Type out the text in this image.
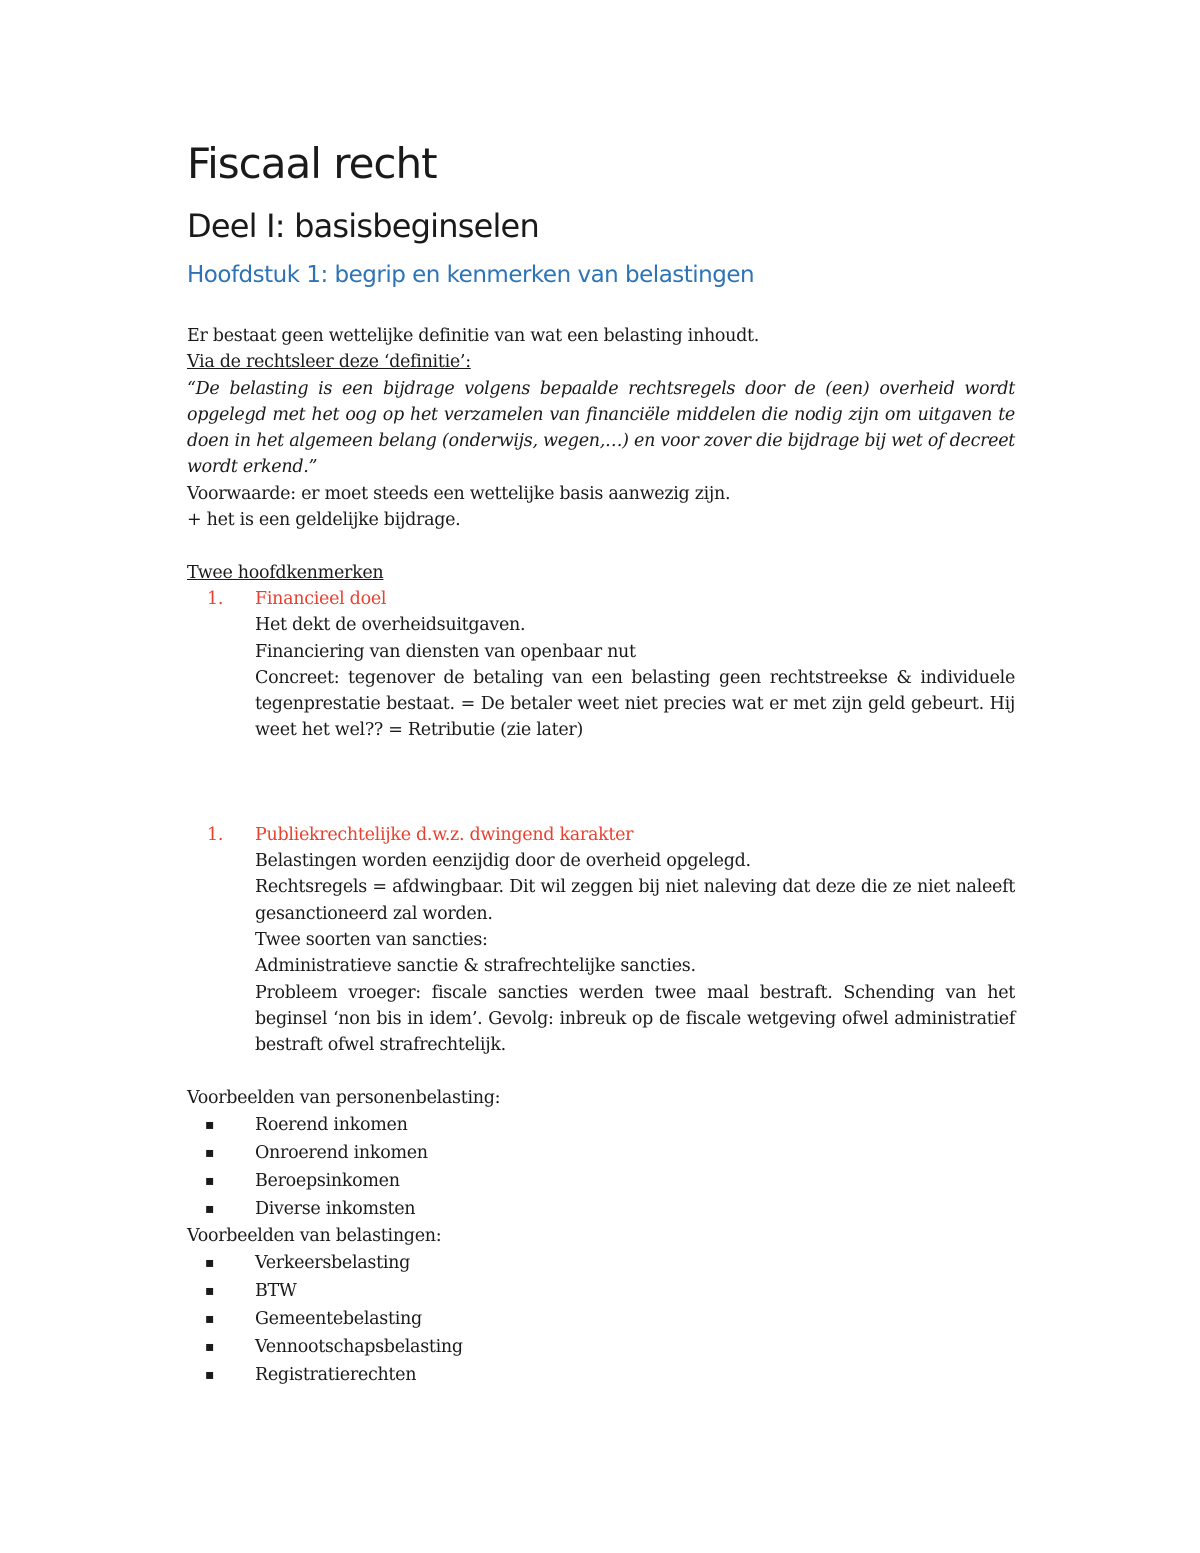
Fiscaal recht
Deel I: basisbeginselen
Hoofdstuk 1: begrip en kenmerken van belastingen

Er bestaat geen wettelijke definitie van wat een belasting inhoudt.

Via de rechtsleer deze ‘definitie’:

“De belasting is een bijdrage volgens bepaalde rechtsregels door de (een) overheid wordt opgelegd met het oog op het verzamelen van financiële middelen die nodig zijn om uitgaven te doen in het algemeen belang (onderwijs, wegen,…) en voor zover die bijdrage bij wet of decreet wordt erkend.”

Voorwaarde: er moet steeds een wettelijke basis aanwezig zijn.

+ het is een geldelijke bijdrage.

Twee hoofdkenmerken

1. Financieel doel

Het dekt de overheidsuitgaven.

Financiering van diensten van openbaar nut

Concreet: tegenover de betaling van een belasting geen rechtstreekse & individuele tegenprestatie bestaat. = De betaler weet niet precies wat er met zijn geld gebeurt. Hij weet het wel?? = Retributie (zie later)

1. Publiekrechtelijke d.w.z. dwingend karakter

Belastingen worden eenzijdig door de overheid opgelegd.

Rechtsregels = afdwingbaar. Dit wil zeggen bij niet naleving dat deze die ze niet naleeft gesanctioneerd zal worden.

Twee soorten van sancties:

Administratieve sanctie & strafrechtelijke sancties.

Probleem vroeger: fiscale sancties werden twee maal bestraft. Schending van het beginsel ‘non bis in idem’. Gevolg: inbreuk op de fiscale wetgeving ofwel administratief bestraft ofwel strafrechtelijk.

Voorbeelden van personenbelasting:

▪ Roerend inkomen
▪ Onroerend inkomen
▪ Beroepsinkomen
▪ Diverse inkomsten

Voorbeelden van belastingen:

▪ Verkeersbelasting
▪ BTW
▪ Gemeentebelasting
▪ Vennootschapsbelasting
▪ Registratierechten
